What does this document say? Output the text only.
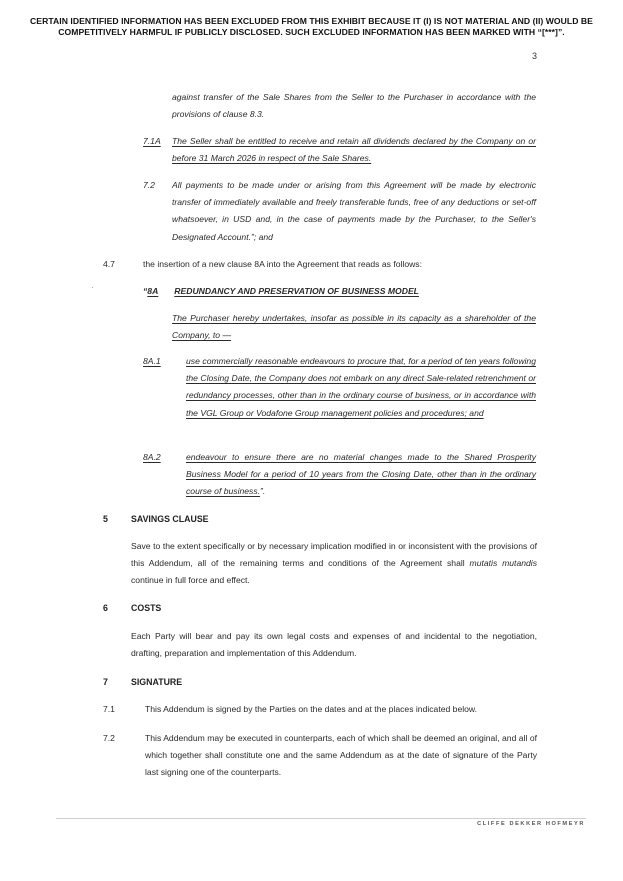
CERTAIN IDENTIFIED INFORMATION HAS BEEN EXCLUDED FROM THIS EXHIBIT BECAUSE IT (I) IS NOT MATERIAL AND (II) WOULD BE COMPETITIVELY HARMFUL IF PUBLICLY DISCLOSED. SUCH EXCLUDED INFORMATION HAS BEEN MARKED WITH “[***]”.
3
against transfer of the Sale Shares from the Seller to the Purchaser in accordance with the provisions of clause 8.3.
7.1A The Seller shall be entitled to receive and retain all dividends declared by the Company on or before 31 March 2026 in respect of the Sale Shares.
7.2 All payments to be made under or arising from this Agreement will be made by electronic transfer of immediately available and freely transferable funds, free of any deductions or set-off whatsoever, in USD and, in the case of payments made by the Purchaser, to the Seller's Designated Account.”; and
4.7	the insertion of a new clause 8A into the Agreement that reads as follows:
“8A REDUNDANCY AND PRESERVATION OF BUSINESS MODEL
The Purchaser hereby undertakes, insofar as possible in its capacity as a shareholder of the Company, to —
8A.1	use commercially reasonable endeavours to procure that, for a period of ten years following the Closing Date, the Company does not embark on any direct Sale-related retrenchment or redundancy processes, other than in the ordinary course of business, or in accordance with the VGL Group or Vodafone Group management policies and procedures; and
8A.2	endeavour to ensure there are no material changes made to the Shared Prosperity Business Model for a period of 10 years from the Closing Date, other than in the ordinary course of business.”.
5	SAVINGS CLAUSE
Save to the extent specifically or by necessary implication modified in or inconsistent with the provisions of this Addendum, all of the remaining terms and conditions of the Agreement shall mutatis mutandis continue in full force and effect.
6	COSTS
Each Party will bear and pay its own legal costs and expenses of and incidental to the negotiation, drafting, preparation and implementation of this Addendum.
7	SIGNATURE
7.1	This Addendum is signed by the Parties on the dates and at the places indicated below.
7.2	This Addendum may be executed in counterparts, each of which shall be deemed an original, and all of which together shall constitute one and the same Addendum as at the date of signature of the Party last signing one of the counterparts.
CLIFFE DEKKER HOFMEYR
